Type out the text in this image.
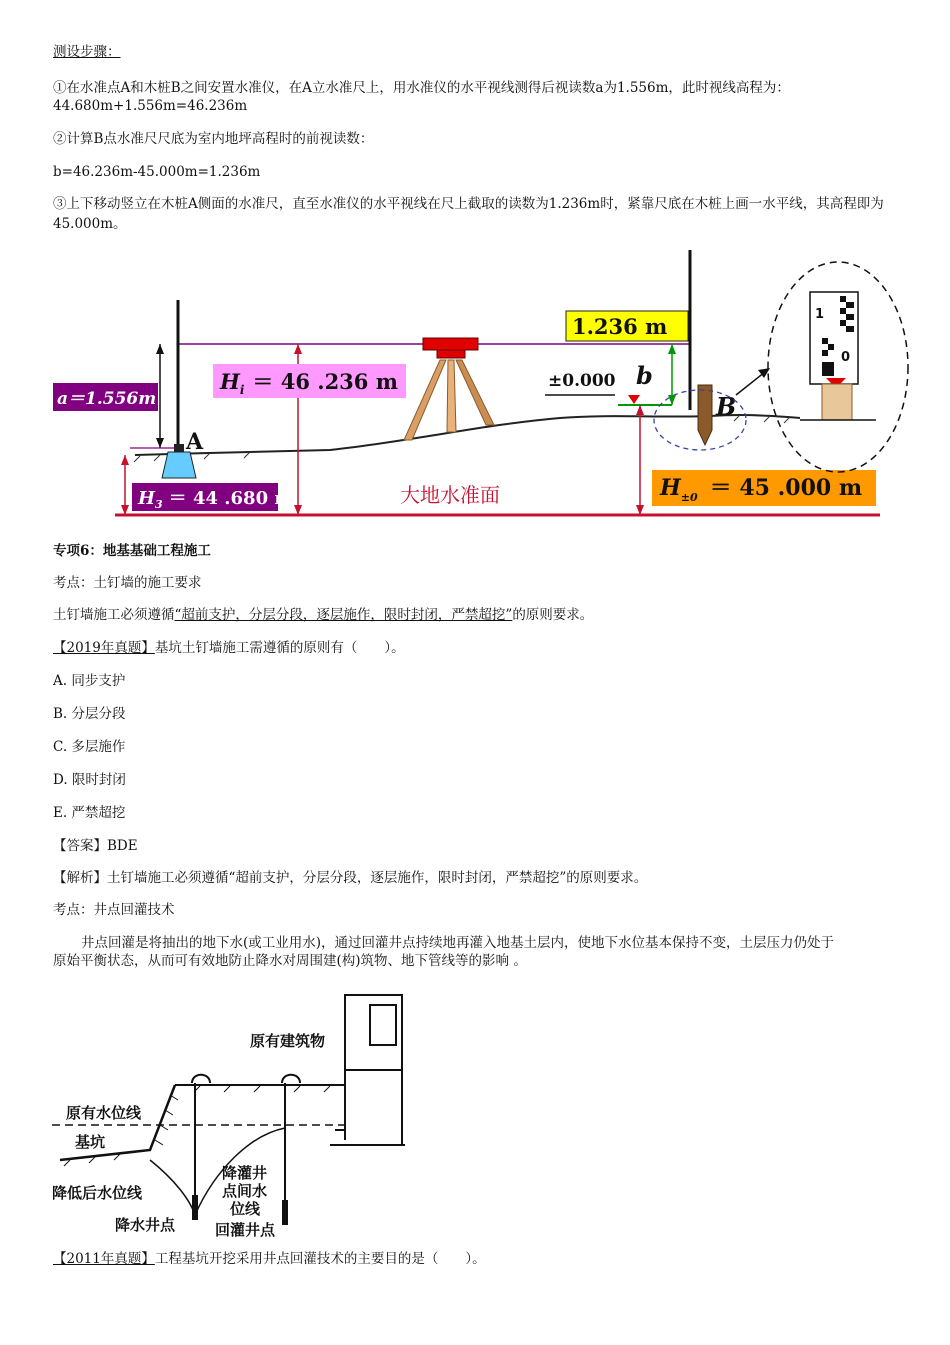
测设步骤：

①在水准点A和木桩B之间安置水准仪，在A立水准尺上，用水准仪的水平视线测得后视读数a为1.556m，此时视线高程为：

44.680m+1.556m=46.236m

②计算B点水准尺尺底为室内地坪高程时的前视读数：

b=46.236m-45.000m=1.236m

③上下移动竖立在木桩A侧面的水准尺，直至水准仪的水平视线在尺上截取的读数为1.236m时，紧靠尺底在木桩上画一水平线，其高程即为45.000m。

a＝1.556m
A
$H_3 = 44$ .680 m
$H_i = 46$ .236 m
B
±0.000 b
1.236 m
$H_{\pm 0} = 45$ .000 m
大地水准面
1
0

专项6：地基基础工程施工

考点：土钉墙的施工要求

土钉墙施工必须遵循“超前支护，分层分段，逐层施作，限时封闭，严禁超挖”的原则要求。

【2019年真题】基坑土钉墙施工需遵循的原则有（　　）。

A. 同步支护

B. 分层分段

C. 多层施作

D. 限时封闭

E. 严禁超挖

【答案】BDE

【解析】土钉墙施工必须遵循“超前支护，分层分段，逐层施作，限时封闭，严禁超挖”的原则要求。

考点：井点回灌技术

井点回灌是将抽出的地下水(或工业用水)，通过回灌井点持续地再灌入地基土层内，使地下水位基本保持不变，土层压力仍处于

原始平衡状态，从而可有效地防止降水对周围建(构)筑物、地下管线等的影响 。

原有建筑物
原有水位线
基坑
降低后水位线
降水井点
降灌井
点间水
位线
回灌井点

【2011年真题】工程基坑开挖采用井点回灌技术的主要目的是（　　）。
